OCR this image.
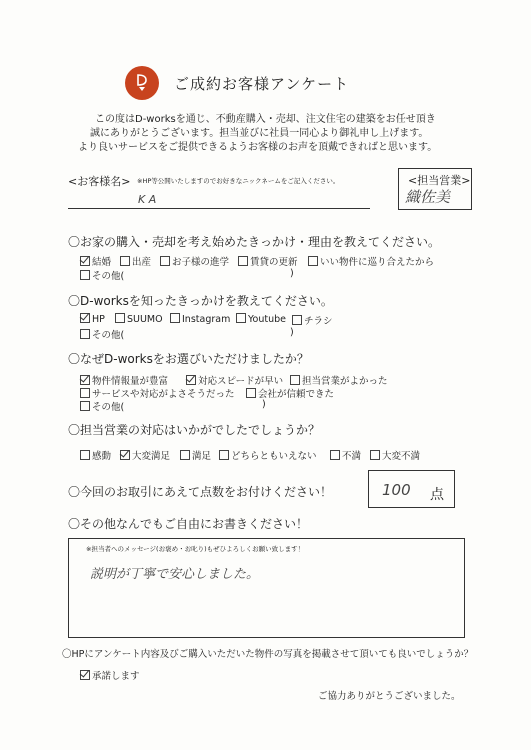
ご成約お客様アンケート
この度はD-worksを通じ、不動産購入・売却、注文住宅の建築をお任せ頂き
誠にありがとうございます。担当並びに社員一同心より御礼申し上げます。
より良いサービスをご提供できるようお客様のお声を頂戴できればと思います。
<お客様名> ※HP等公開いたしますのでお好きなニックネームをご記入ください。
K A
<担当営業>
織佐美
〇お家の購入・売却を考え始めたきっかけ・理由を教えてください。
結婚	出産	お子様の進学	賃貸の更新	いい物件に巡り合えたから
その他(	)
〇D-worksを知ったきっかけを教えてください。
HP	SUUMO	Instagram	Youtube	チラシ
その他(	)
〇なぜD-worksをお選びいただけましたか？
物件情報量が豊富	対応スピードが早い	担当営業がよかった
サービスや対応がよさそうだった	会社が信頼できた
その他(	)
〇担当営業の対応はいかがでしたでしょうか？
感動	大変満足	満足	どちらともいえない	不満	大変不満
〇今回のお取引にあえて点数をお付けください！	100 点
〇その他なんでもご自由にお書きください！
※担当者へのメッセージ(お褒め・お叱り)もぜひよろしくお願い致します！
説明が丁寧で安心しました。
〇HPにアンケート内容及びご購入いただいた物件の写真を掲載させて頂いても良いでしょうか？
承諾します
ご協力ありがとうございました。
